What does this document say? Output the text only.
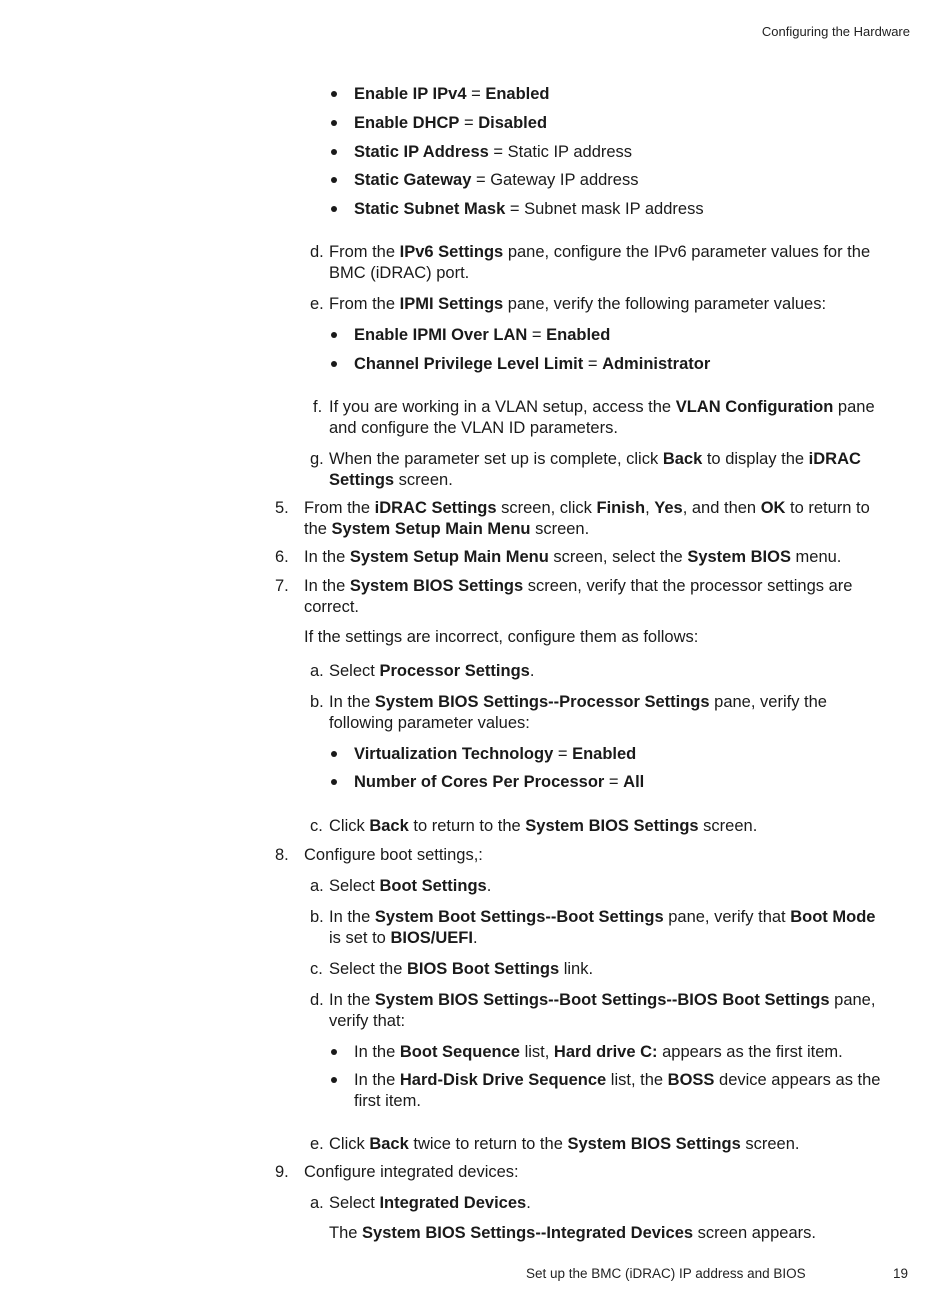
Configuring the Hardware
Enable IP IPv4 = Enabled
Enable DHCP = Disabled
Static IP Address = Static IP address
Static Gateway = Gateway IP address
Static Subnet Mask = Subnet mask IP address
d. From the IPv6 Settings pane, configure the IPv6 parameter values for the
BMC (iDRAC) port.
e. From the IPMI Settings pane, verify the following parameter values:
Enable IPMI Over LAN = Enabled
Channel Privilege Level Limit = Administrator
f. If you are working in a VLAN setup, access the VLAN Configuration pane
and configure the VLAN ID parameters.
g. When the parameter set up is complete, click Back to display the iDRAC
Settings screen.
5. From the iDRAC Settings screen, click Finish, Yes, and then OK to return to
the System Setup Main Menu screen.
6. In the System Setup Main Menu screen, select the System BIOS menu.
7. In the System BIOS Settings screen, verify that the processor settings are
correct.
If the settings are incorrect, configure them as follows:
a. Select Processor Settings.
b. In the System BIOS Settings--Processor Settings pane, verify the
following parameter values:
Virtualization Technology = Enabled
Number of Cores Per Processor = All
c. Click Back to return to the System BIOS Settings screen.
8. Configure boot settings,:
a. Select Boot Settings.
b. In the System Boot Settings--Boot Settings pane, verify that Boot Mode
is set to BIOS/UEFI.
c. Select the BIOS Boot Settings link.
d. In the System BIOS Settings--Boot Settings--BIOS Boot Settings pane,
verify that:
In the Boot Sequence list, Hard drive C: appears as the first item.
In the Hard-Disk Drive Sequence list, the BOSS device appears as the
first item.
e. Click Back twice to return to the System BIOS Settings screen.
9. Configure integrated devices:
a. Select Integrated Devices.
The System BIOS Settings--Integrated Devices screen appears.
Set up the BMC (iDRAC) IP address and BIOS	19
